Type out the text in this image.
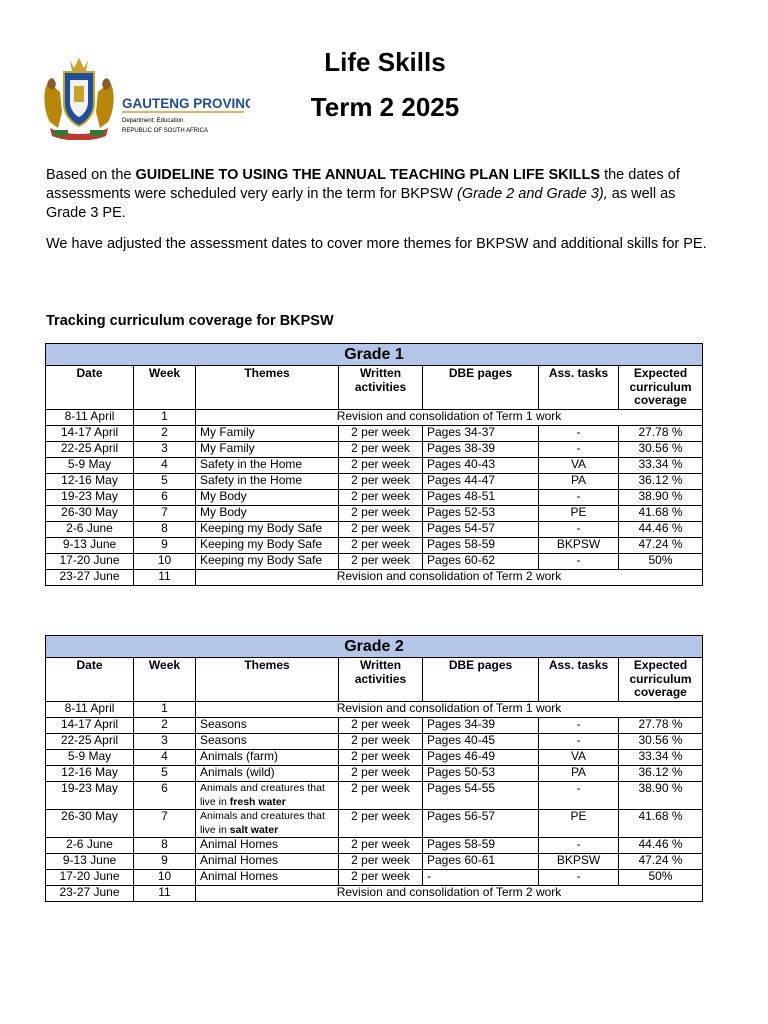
GAUTENG PROVINCE
Department: Education
REPUBLIC OF SOUTH AFRICA
Life Skills
Term 2 2025
Based on the GUIDELINE TO USING THE ANNUAL TEACHING PLAN LIFE SKILLS the dates of assessments were scheduled very early in the term for BKPSW (Grade 2 and Grade 3), as well as Grade 3 PE.
We have adjusted the assessment dates to cover more themes for BKPSW and additional skills for PE.
Tracking curriculum coverage for BKPSW
Grade 1						
Date	Week	Themes	Written activities	DBE pages	Ass. tasks	Expected curriculum coverage
8-11 April	1	Revision and consolidation of Term 1 work				
14-17 April	2	My Family	2 per week	Pages 34-37	-	27.78 %
22-25 April	3	My Family	2 per week	Pages 38-39	-	30.56 %
5-9 May	4	Safety in the Home	2 per week	Pages 40-43	VA	33.34 %
12-16 May	5	Safety in the Home	2 per week	Pages 44-47	PA	36.12 %
19-23 May	6	My Body	2 per week	Pages 48-51	-	38.90 %
26-30 May	7	My Body	2 per week	Pages 52-53	PE	41.68 %
2-6 June	8	Keeping my Body Safe	2 per week	Pages 54-57	-	44.46 %
9-13 June	9	Keeping my Body Safe	2 per week	Pages 58-59	BKPSW	47.24 %
17-20 June	10	Keeping my Body Safe	2 per week	Pages 60-62	-	50%
23-27 June	11	Revision and consolidation of Term 2 work				
Grade 2						
Date	Week	Themes	Written activities	DBE pages	Ass. tasks	Expected curriculum coverage
8-11 April	1	Revision and consolidation of Term 1 work				
14-17 April	2	Seasons	2 per week	Pages 34-39	-	27.78 %
22-25 April	3	Seasons	2 per week	Pages 40-45	-	30.56 %
5-9 May	4	Animals (farm)	2 per week	Pages 46-49	VA	33.34 %
12-16 May	5	Animals (wild)	2 per week	Pages 50-53	PA	36.12 %
19-23 May	6	Animals and creatures that live in fresh water	2 per week	Pages 54-55	-	38.90 %
26-30 May	7	Animals and creatures that live in salt water	2 per week	Pages 56-57	PE	41.68 %
2-6 June	8	Animal Homes	2 per week	Pages 58-59	-	44.46 %
9-13 June	9	Animal Homes	2 per week	Pages 60-61	BKPSW	47.24 %
17-20 June	10	Animal Homes	2 per week	-	-	50%
23-27 June	11	Revision and consolidation of Term 2 work				
